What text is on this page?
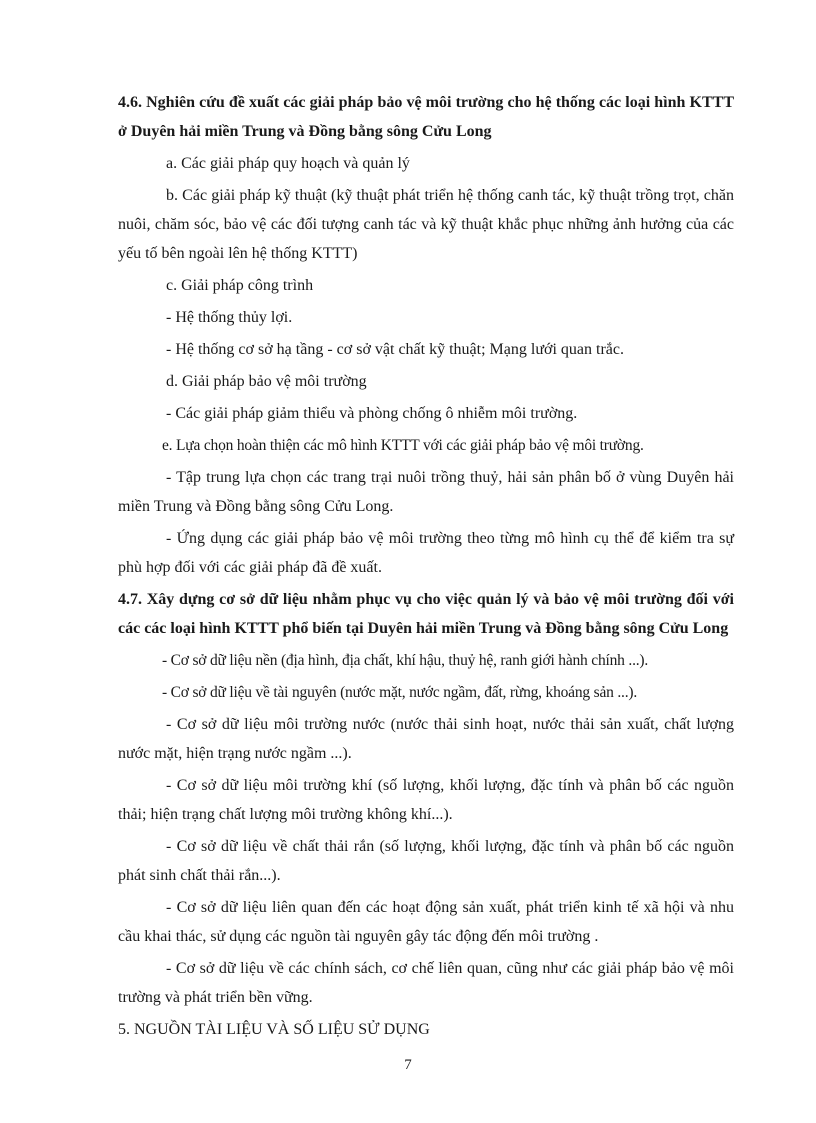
4.6. Nghiên cứu đề xuất các giải pháp bảo vệ môi trường cho hệ thống các loại hình KTTT ở Duyên hải miền Trung và Đồng bằng sông Cửu Long

a. Các giải pháp quy hoạch và quản lý

b. Các giải pháp kỹ thuật (kỹ thuật phát triển hệ thống canh tác, kỹ thuật trồng trọt, chăn nuôi, chăm sóc, bảo vệ các đối tượng canh tác và kỹ thuật khắc phục những ảnh hưởng của các yếu tố bên ngoài lên hệ thống KTTT)

c. Giải pháp công trình

- Hệ thống thủy lợi.

- Hệ thống cơ sở hạ tầng - cơ sở vật chất kỹ thuật; Mạng lưới quan trắc.

d. Giải pháp bảo vệ môi trường

- Các giải pháp giảm thiểu và phòng chống ô nhiễm môi trường.

e. Lựa chọn hoàn thiện các mô hình KTTT với các giải pháp bảo vệ môi trường.

- Tập trung lựa chọn các trang trại nuôi trồng thuỷ, hải sản phân bố ở vùng Duyên hải miền Trung và Đồng bằng sông Cửu Long.

- Ứng dụng các giải pháp bảo vệ môi trường theo từng mô hình cụ thể để kiểm tra sự phù hợp đối với các giải pháp đã đề xuất.

4.7. Xây dựng cơ sở dữ liệu nhằm phục vụ cho việc quản lý và bảo vệ môi trường đối với các các loại hình KTTT phổ biến tại Duyên hải miền Trung và Đồng bằng sông Cửu Long

- Cơ sở dữ liệu nền (địa hình, địa chất, khí hậu, thuỷ hệ, ranh giới hành chính ...).

- Cơ sở dữ liệu về tài nguyên (nước mặt, nước ngầm, đất, rừng, khoáng sản ...).

- Cơ sở dữ liệu môi trường nước (nước thải sinh hoạt, nước thải sản xuất, chất lượng nước mặt, hiện trạng nước ngầm ...).

- Cơ sở dữ liệu môi trường khí (số lượng, khối lượng, đặc tính và phân bố các nguồn thải; hiện trạng chất lượng môi trường không khí...).

- Cơ sở dữ liệu về chất thải rắn (số lượng, khối lượng, đặc tính và phân bố các nguồn phát sinh chất thải rắn...).

- Cơ sở dữ liệu liên quan đến các hoạt động sản xuất, phát triển kinh tế xã hội và nhu cầu khai thác, sử dụng các nguồn tài nguyên gây tác động đến môi trường .

- Cơ sở dữ liệu về các chính sách, cơ chế liên quan, cũng như các giải pháp bảo vệ môi trường và phát triển bền vững.

5. NGUỒN TÀI LIỆU VÀ SỐ LIỆU SỬ DỤNG

7
